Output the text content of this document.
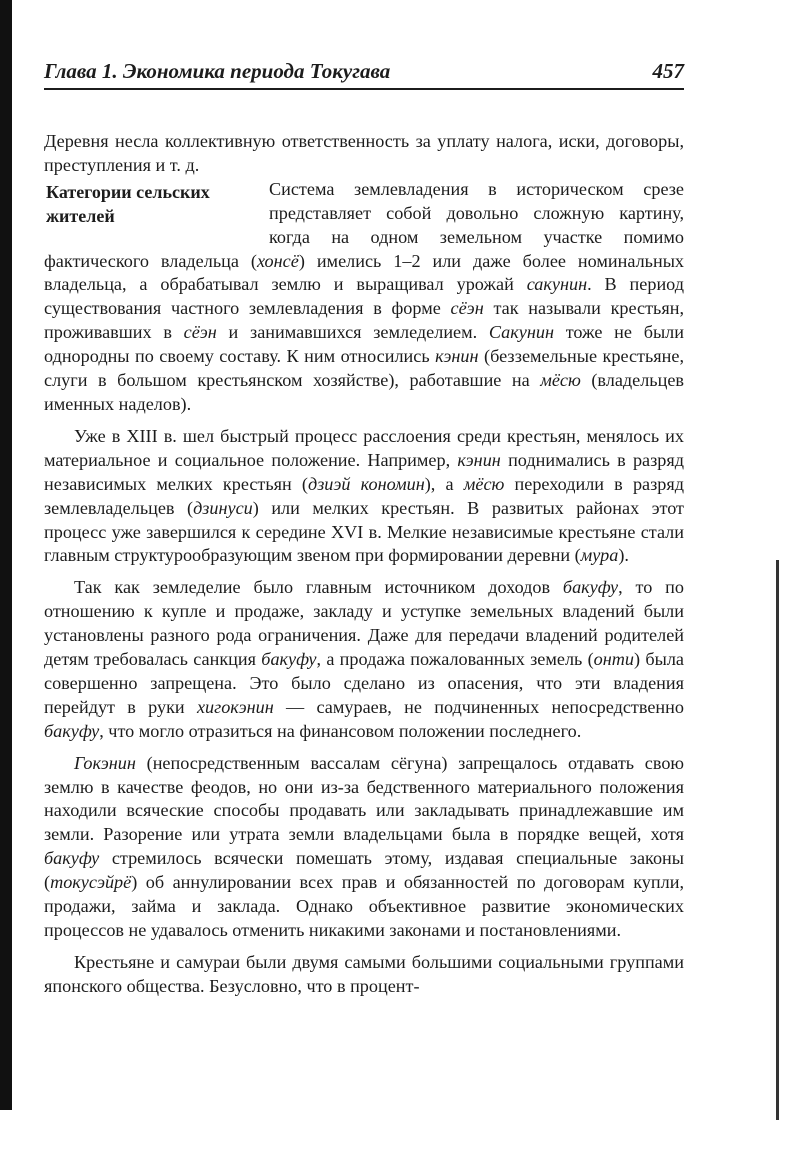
Глава 1. Экономика периода Токугава	457

Деревня несла коллективную ответственность за уплату налога, иски, договоры, преступления и т. д.

Категории сельских жителей

Система землевладения в историческом срезе представляет собой довольно сложную картину, когда на одном земельном участке помимо фактического владельца (хонсё) имелись 1–2 или даже более номинальных владельца, а обрабатывал землю и выращивал урожай сакунин. В период существования частного землевладения в форме сёэн так называли крестьян, проживавших в сёэн и занимавшихся земледелием. Сакунин тоже не были однородны по своему составу. К ним относились кэнин (безземельные крестьяне, слуги в большом крестьянском хозяйстве), работавшие на мёсю (владельцев именных наделов).

Уже в XIII в. шел быстрый процесс расслоения среди крестьян, менялось их материальное и социальное положение. Например, кэнин поднимались в разряд независимых мелких крестьян (дзиэй кономин), а мёсю переходили в разряд землевладельцев (дзинуси) или мелких крестьян. В развитых районах этот процесс уже завершился к середине XVI в. Мелкие независимые крестьяне стали главным структурообразующим звеном при формировании деревни (мура).

Так как земледелие было главным источником доходов бакуфу, то по отношению к купле и продаже, закладу и уступке земельных владений были установлены разного рода ограничения. Даже для передачи владений родителей детям требовалась санкция бакуфу, а продажа пожалованных земель (онти) была совершенно запрещена. Это было сделано из опасения, что эти владения перейдут в руки хигокэнин — самураев, не подчиненных непосредственно бакуфу, что могло отразиться на финансовом положении последнего.

Гокэнин (непосредственным вассалам сёгуна) запрещалось отдавать свою землю в качестве феодов, но они из-за бедственного материального положения находили всяческие способы продавать или закладывать принадлежавшие им земли. Разорение или утрата земли владельцами была в порядке вещей, хотя бакуфу стремилось всячески помешать этому, издавая специальные законы (токусэйрё) об аннулировании всех прав и обязанностей по договорам купли, продажи, займа и заклада. Однако объективное развитие экономических процессов не удавалось отменить никакими законами и постановлениями.

Крестьяне и самураи были двумя самыми большими социальными группами японского общества. Безусловно, что в процент-
